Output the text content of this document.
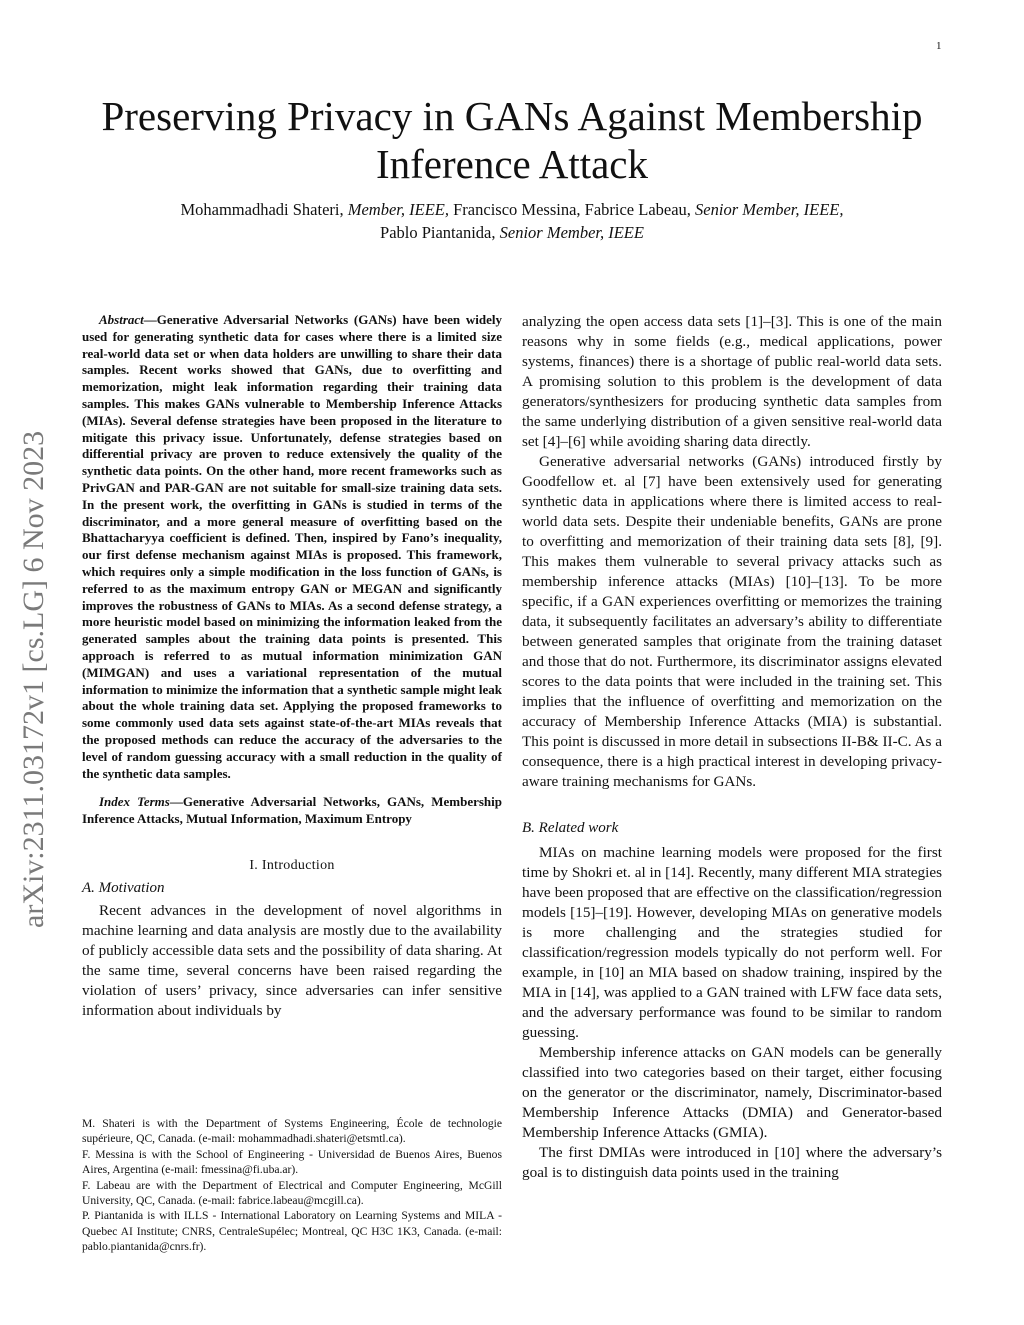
1
Preserving Privacy in GANs Against Membership
Inference Attack
Mohammadhadi Shateri, Member, IEEE, Francisco Messina, Fabrice Labeau, Senior Member, IEEE,
Pablo Piantanida, Senior Member, IEEE
arXiv:2311.03172v1 [cs.LG] 6 Nov 2023

Abstract—Generative Adversarial Networks (GANs) have been widely used for generating synthetic data for cases where there is a limited size real-world data set or when data holders are unwilling to share their data samples. Recent works showed that GANs, due to overfitting and memorization, might leak information regarding their training data samples. This makes GANs vulnerable to Membership Inference Attacks (MIAs). Several defense strategies have been proposed in the literature to mitigate this privacy issue. Unfortunately, defense strategies based on differential privacy are proven to reduce extensively the quality of the synthetic data points. On the other hand, more recent frameworks such as PrivGAN and PAR-GAN are not suitable for small-size training data sets. In the present work, the overfitting in GANs is studied in terms of the discriminator, and a more general measure of overfitting based on the Bhattacharyya coefficient is defined. Then, inspired by Fano’s inequality, our first defense mechanism against MIAs is proposed. This framework, which requires only a simple modification in the loss function of GANs, is referred to as the maximum entropy GAN or MEGAN and significantly improves the robustness of GANs to MIAs. As a second defense strategy, a more heuristic model based on minimizing the information leaked from the generated samples about the training data points is presented. This approach is referred to as mutual information minimization GAN (MIMGAN) and uses a variational representation of the mutual information to minimize the information that a synthetic sample might leak about the whole training data set. Applying the proposed frameworks to some commonly used data sets against state-of-the-art MIAs reveals that the proposed methods can reduce the accuracy of the adversaries to the level of random guessing accuracy with a small reduction in the quality of the synthetic data samples.

Index Terms—Generative Adversarial Networks, GANs, Membership Inference Attacks, Mutual Information, Maximum Entropy

I. Introduction
A. Motivation

Recent advances in the development of novel algorithms in machine learning and data analysis are mostly due to the availability of publicly accessible data sets and the possibility of data sharing. At the same time, several concerns have been raised regarding the violation of users’ privacy, since adversaries can infer sensitive information about individuals by

M. Shateri is with the Department of Systems Engineering, École de technologie supérieure, QC, Canada. (e-mail: mohammadhadi.shateri@etsmtl.ca).

F. Messina is with the School of Engineering - Universidad de Buenos Aires, Buenos Aires, Argentina (e-mail: fmessina@fi.uba.ar).

F. Labeau are with the Department of Electrical and Computer Engineering, McGill University, QC, Canada. (e-mail: fabrice.labeau@mcgill.ca).

P. Piantanida is with ILLS - International Laboratory on Learning Systems and MILA - Quebec AI Institute; CNRS, CentraleSupélec; Montreal, QC H3C 1K3, Canada. (e-mail: pablo.piantanida@cnrs.fr).

analyzing the open access data sets [1]–[3]. This is one of the main reasons why in some fields (e.g., medical applications, power systems, finances) there is a shortage of public real-world data sets. A promising solution to this problem is the development of data generators/synthesizers for producing synthetic data samples from the same underlying distribution of a given sensitive real-world data set [4]–[6] while avoiding sharing data directly.

Generative adversarial networks (GANs) introduced firstly by Goodfellow et. al [7] have been extensively used for generating synthetic data in applications where there is limited access to real-world data sets. Despite their undeniable benefits, GANs are prone to overfitting and memorization of their training data sets [8], [9]. This makes them vulnerable to several privacy attacks such as membership inference attacks (MIAs) [10]–[13]. To be more specific, if a GAN experiences overfitting or memorizes the training data, it subsequently facilitates an adversary’s ability to differentiate between generated samples that originate from the training dataset and those that do not. Furthermore, its discriminator assigns elevated scores to the data points that were included in the training set. This implies that the influence of overfitting and memorization on the accuracy of Membership Inference Attacks (MIA) is substantial. This point is discussed in more detail in subsections II-B& II-C. As a consequence, there is a high practical interest in developing privacy-aware training mechanisms for GANs.

B. Related work

MIAs on machine learning models were proposed for the first time by Shokri et. al in [14]. Recently, many different MIA strategies have been proposed that are effective on the classification/regression models [15]–[19]. However, developing MIAs on generative models is more challenging and the strategies studied for classification/regression models typically do not perform well. For example, in [10] an MIA based on shadow training, inspired by the MIA in [14], was applied to a GAN trained with LFW face data sets, and the adversary performance was found to be similar to random guessing.

Membership inference attacks on GAN models can be generally classified into two categories based on their target, either focusing on the generator or the discriminator, namely, Discriminator-based Membership Inference Attacks (DMIA) and Generator-based Membership Inference Attacks (GMIA).

The first DMIAs were introduced in [10] where the adversary’s goal is to distinguish data points used in the training
